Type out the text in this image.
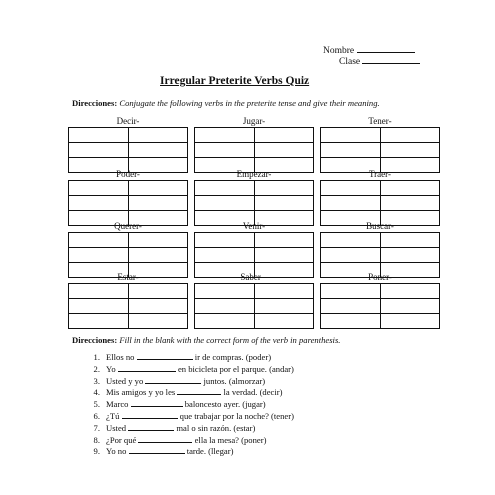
Nombre
Clase
Irregular Preterite Verbs Quiz
Direcciones: Conjugate the following verbs in the preterite tense and give their meaning.
Decir-	Jugar-	Tener-
Poder-	Empezar-	Traer-
Querer-	Venir-	Buscar-
Estar-	Saber –	Poner-
Direcciones: Fill in the blank with the correct form of the verb in parenthesis.
1. Ellos no	ir de compras. (poder)
2. Yo	en bicicleta por el parque. (andar)
3. Usted y yo	juntos. (almorzar)
4. Mis amigos y yo les	la verdad. (decir)
5. Marco	baloncesto ayer. (jugar)
6. ¿Tú	que trabajar por la noche? (tener)
7. Usted	mal o sin razón. (estar)
8. ¿Por qué	ella la mesa? (poner)
9. Yo no	tarde. (llegar)
